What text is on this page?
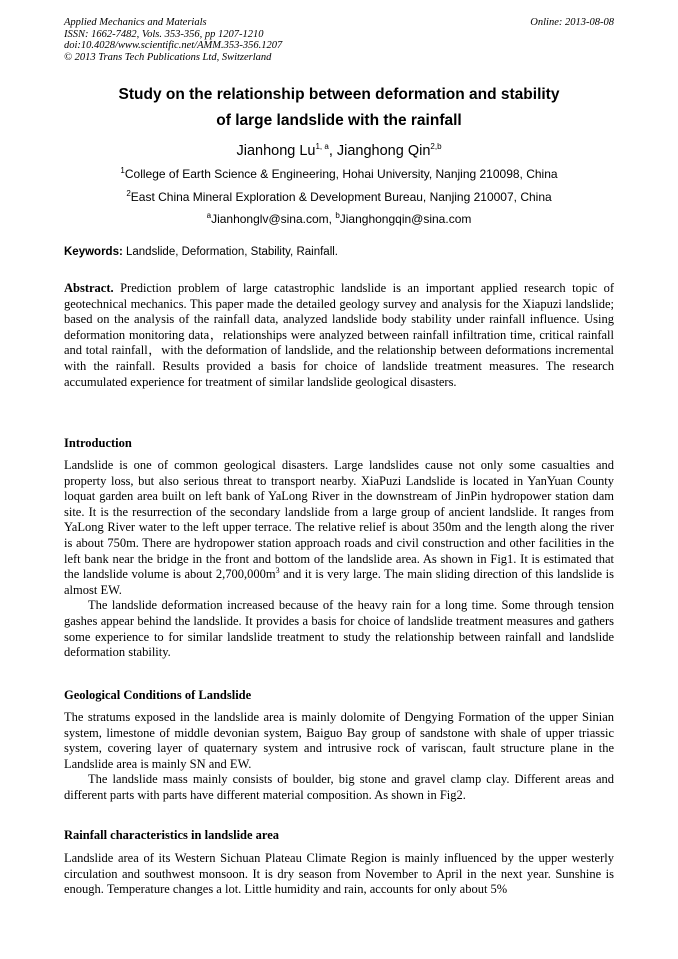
Applied Mechanics and Materials
ISSN: 1662-7482, Vols. 353-356, pp 1207-1210
doi:10.4028/www.scientific.net/AMM.353-356.1207
© 2013 Trans Tech Publications Ltd, Switzerland
Online: 2013-08-08
Study on the relationship between deformation and stability
of large landslide with the rainfall
Jianhong Lu$^{1, a}$, Jianghong Qin$^{2,b}$
$^1$College of Earth Science & Engineering, Hohai University, Nanjing 210098, China
$^2$East China Mineral Exploration & Development Bureau, Nanjing 210007, China
$^a$Jianhonglv@sina.com, $^b$Jianghongqin@sina.com
Keywords: Landslide, Deformation, Stability, Rainfall.

Abstract. Prediction problem of large catastrophic landslide is an important applied research topic of geotechnical mechanics. This paper made the detailed geology survey and analysis for the Xiapuzi landslide; based on the analysis of the rainfall data, analyzed landslide body stability under rainfall influence. Using deformation monitoring data，relationships were analyzed between rainfall infiltration time, critical rainfall and total rainfall，with the deformation of landslide, and the relationship between deformations incremental with the rainfall. Results provided a basis for choice of landslide treatment measures. The research accumulated experience for treatment of similar landslide geological disasters.

Introduction

Landslide is one of common geological disasters. Large landslides cause not only some casualties and property loss, but also serious threat to transport nearby. XiaPuzi Landslide is located in YanYuan County loquat garden area built on left bank of YaLong River in the downstream of JinPin hydropower station dam site. It is the resurrection of the secondary landslide from a large group of ancient landslide. It ranges from YaLong River water to the left upper terrace. The relative relief is about 350m and the length along the river is about 750m. There are hydropower station approach roads and civil construction and other facilities in the left bank near the bridge in the front and bottom of the landslide area. As shown in Fig1. It is estimated that the landslide volume is about $2,700,000m^3$ and it is very large. The main sliding direction of this landslide is almost EW.

The landslide deformation increased because of the heavy rain for a long time. Some through tension gashes appear behind the landslide. It provides a basis for choice of landslide treatment measures and gathers some experience to for similar landslide treatment to study the relationship between rainfall and landslide deformation stability.

Geological Conditions of Landslide

The stratums exposed in the landslide area is mainly dolomite of Dengying Formation of the upper Sinian system, limestone of middle devonian system, Baiguo Bay group of sandstone with shale of upper triassic system, covering layer of quaternary system and intrusive rock of variscan, fault structure plane in the Landslide area is mainly SN and EW.

The landslide mass mainly consists of boulder, big stone and gravel clamp clay. Different areas and different parts with parts have different material composition. As shown in Fig2.

Rainfall characteristics in landslide area

Landslide area of its Western Sichuan Plateau Climate Region is mainly influenced by the upper westerly circulation and southwest monsoon. It is dry season from November to April in the next year. Sunshine is enough. Temperature changes a lot. Little humidity and rain, accounts for only about 5%
